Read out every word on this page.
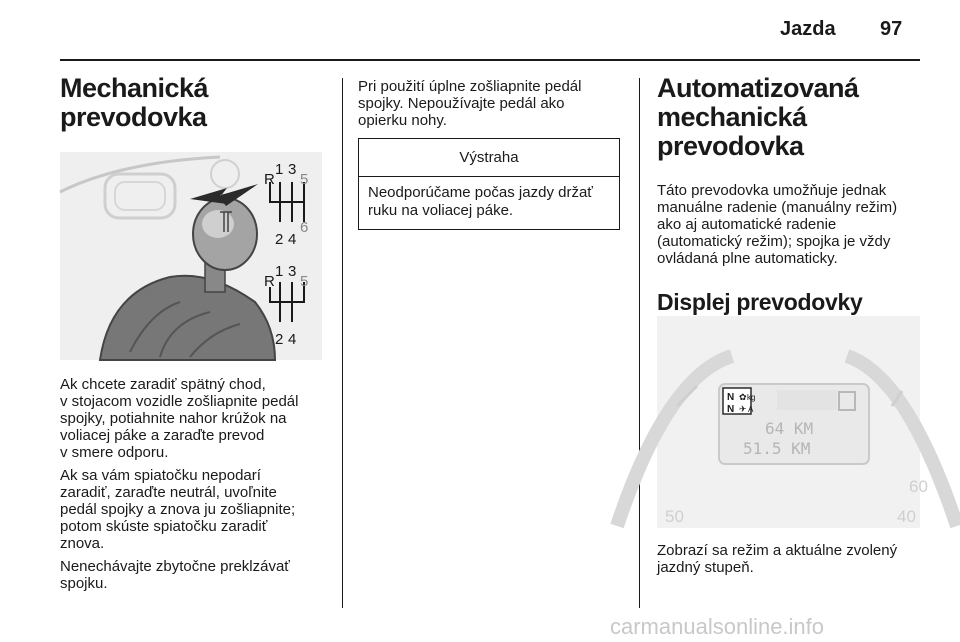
Jazda 97
Mechanická
prevodovka
R
1 3
5
2 4
6
R
1 3
5
2 4

Ak chcete zaradiť spätný chod,
v stojacom vozidle zošliapnite pedál
spojky, potiahnite nahor krúžok na
voliacej páke a zaraďte prevod
v smere odporu.

Ak sa vám spiatočku nepodarí
zaradiť, zaraďte neutrál, uvoľnite
pedál spojky a znova ju zošliapnite;
potom skúste spiatočku zaradiť
znova.

Nenechávajte zbytočne preklzávať
spojku.

Pri použití úplne zošliapnite pedál
spojky. Nepoužívajte pedál ako
opierku nohy.

Výstraha
Neodporúčame počas jazdy držať
ruku na voliacej páke.
Automatizovaná
mechanická
prevodovka

Táto prevodovka umožňuje jednak
manuálne radenie (manuálny režim)
ako aj automatické radenie
(automatický režim); spojka je vždy
ovládaná plne automaticky.

Displej prevodovky
N
N
✿ kg
✈ A
64 KM
51.5 KM
50	40
60

Zobrazí sa režim a aktuálne zvolený
jazdný stupeň.

carmanualsonline.info
